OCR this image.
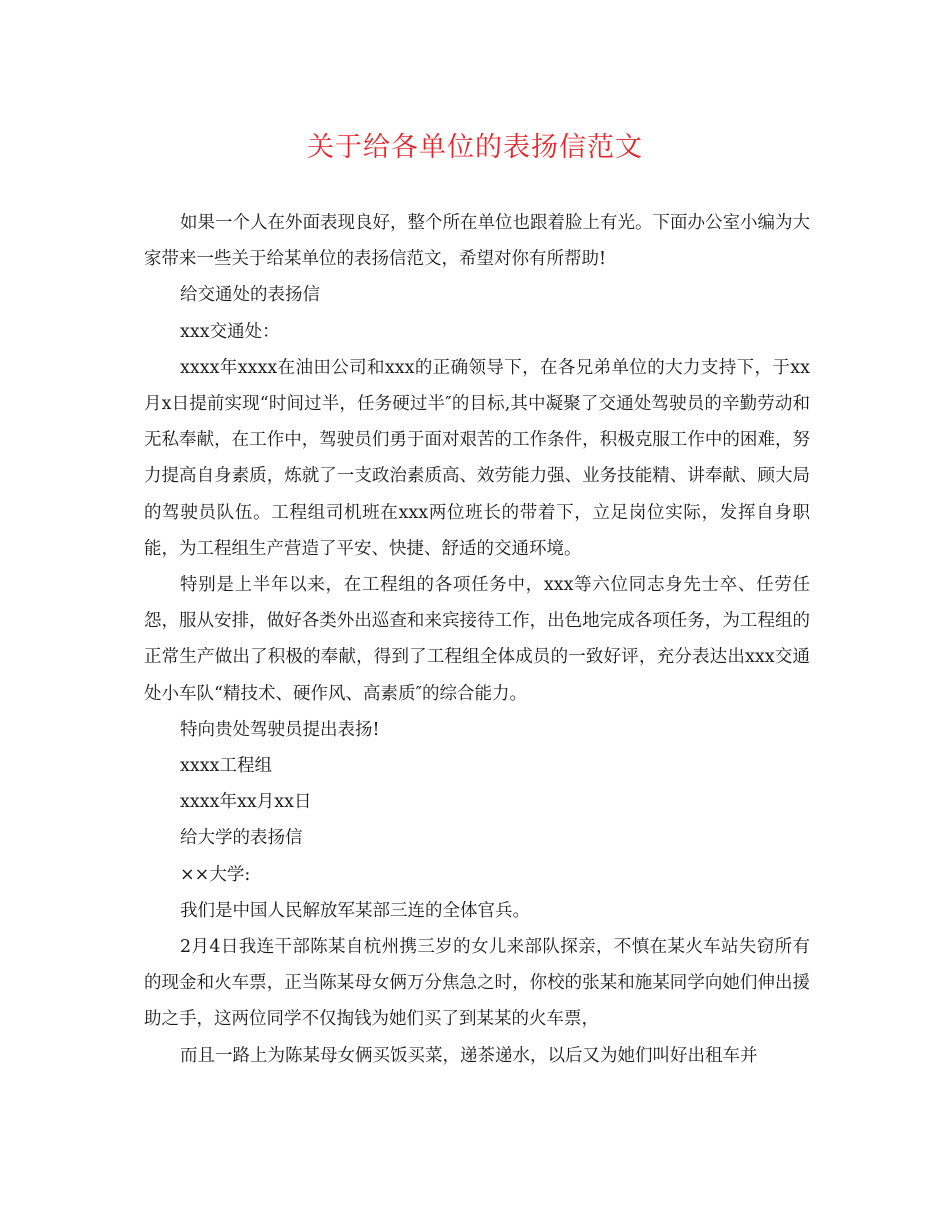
关于给各单位的表扬信范文

如果一个人在外面表现良好，整个所在单位也跟着脸上有光。下面办公室小编为大家带来一些关于给某单位的表扬信范文，希望对你有所帮助!

给交通处的表扬信

xxx交通处：

xxxx年xxxx在油田公司和xxx的正确领导下，在各兄弟单位的大力支持下，于xx月x日提前实现“时间过半，任务硬过半″的目标,其中凝聚了交通处驾驶员的辛勤劳动和无私奉献，在工作中，驾驶员们勇于面对艰苦的工作条件，积极克服工作中的困难，努力提高自身素质，炼就了一支政治素质高、效劳能力强、业务技能精、讲奉献、顾大局的驾驶员队伍。工程组司机班在xxx两位班长的带着下，立足岗位实际，发挥自身职能，为工程组生产营造了平安、快捷、舒适的交通环境。

特别是上半年以来，在工程组的各项任务中，xxx等六位同志身先士卒、任劳任怨，服从安排，做好各类外出巡查和来宾接待工作，出色地完成各项任务，为工程组的正常生产做出了积极的奉献，得到了工程组全体成员的一致好评，充分表达出xxx交通处小车队“精技术、硬作风、高素质″的综合能力。

特向贵处驾驶员提出表扬!

xxxx工程组

xxxx年xx月xx日

给大学的表扬信

××大学:

我们是中国人民解放军某部三连的全体官兵。

2月4日我连干部陈某自杭州携三岁的女儿来部队探亲，不慎在某火车站失窃所有的现金和火车票，正当陈某母女俩万分焦急之时，你校的张某和施某同学向她们伸出援助之手，这两位同学不仅掏钱为她们买了到某某的火车票，

而且一路上为陈某母女俩买饭买菜，递茶递水，以后又为她们叫好出租车并
